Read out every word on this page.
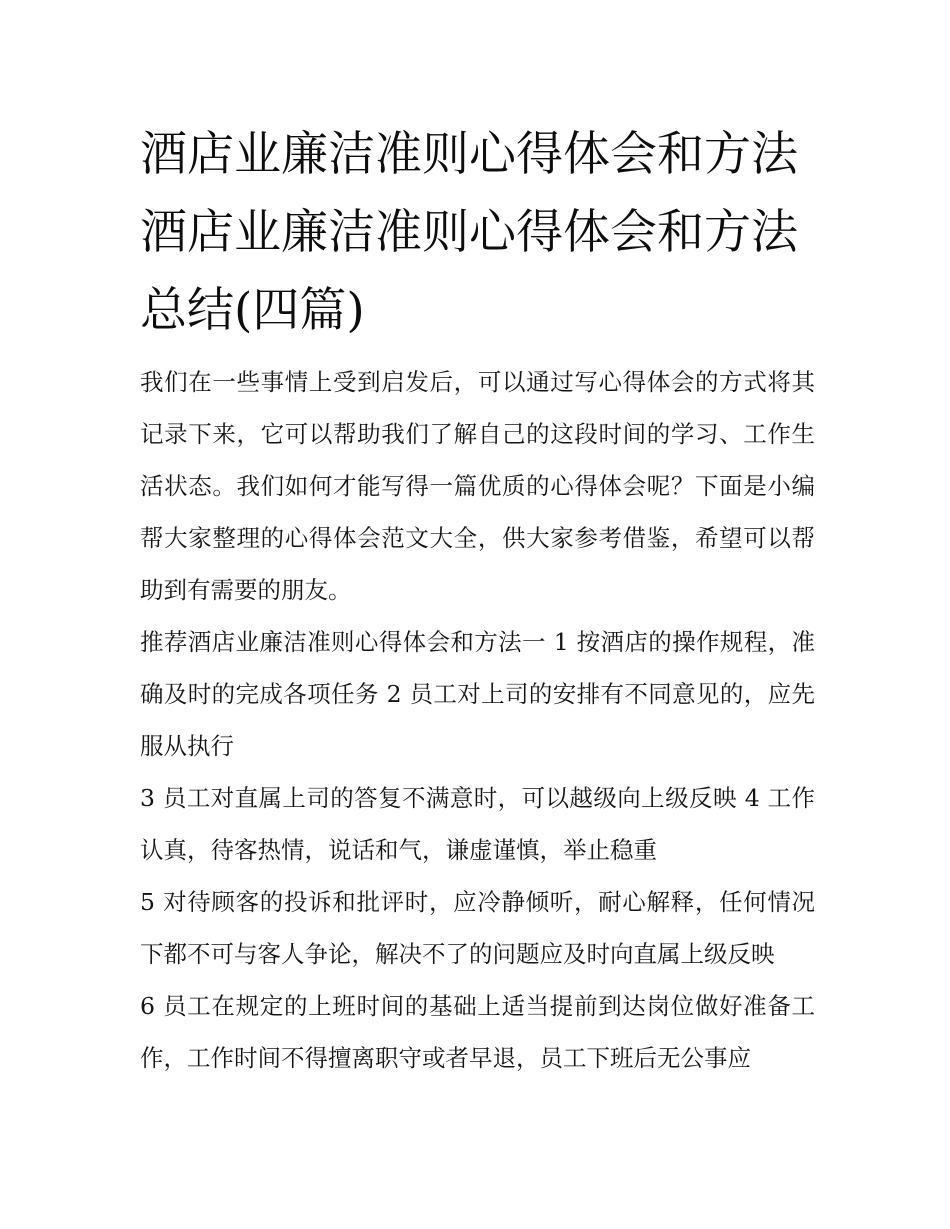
酒店业廉洁准则心得体会和方法 酒店业廉洁准则心得体会和方法总结(四篇)

我们在一些事情上受到启发后，可以通过写心得体会的方式将其记录下来，它可以帮助我们了解自己的这段时间的学习、工作生活状态。我们如何才能写得一篇优质的心得体会呢？下面是小编帮大家整理的心得体会范文大全，供大家参考借鉴，希望可以帮助到有需要的朋友。

推荐酒店业廉洁准则心得体会和方法一 1 按酒店的操作规程，准确及时的完成各项任务 2 员工对上司的安排有不同意见的，应先服从执行

3 员工对直属上司的答复不满意时，可以越级向上级反映 4 工作认真，待客热情，说话和气，谦虚谨慎，举止稳重

5 对待顾客的投诉和批评时，应冷静倾听，耐心解释，任何情况下都不可与客人争论，解决不了的问题应及时向直属上级反映

6 员工在规定的上班时间的基础上适当提前到达岗位做好准备工作，工作时间不得擅离职守或者早退，员工下班后无公事应
